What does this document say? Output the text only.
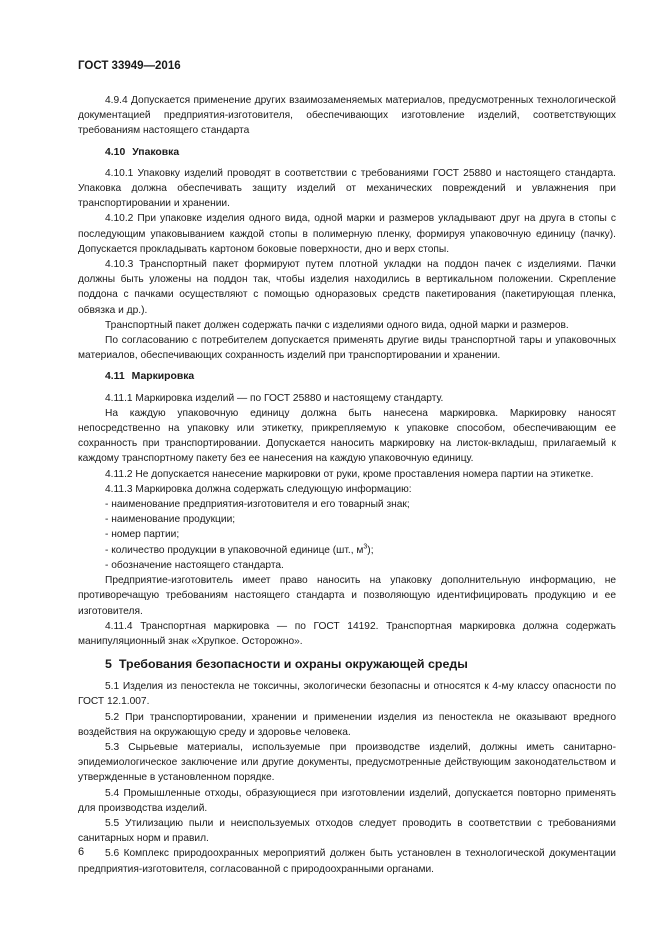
ГОСТ 33949—2016

4.9.4 Допускается применение других взаимозаменяемых материалов, предусмотренных технологической документацией предприятия-изготовителя, обеспечивающих изготовление изделий, соответствующих требованиям настоящего стандарта

4.10 Упаковка

4.10.1 Упаковку изделий проводят в соответствии с требованиями ГОСТ 25880 и настоящего стандарта. Упаковка должна обеспечивать защиту изделий от механических повреждений и увлажнения при транспортировании и хранении.

4.10.2 При упаковке изделия одного вида, одной марки и размеров укладывают друг на друга в стопы с последующим упаковыванием каждой стопы в полимерную пленку, формируя упаковочную единицу (пачку). Допускается прокладывать картоном боковые поверхности, дно и верх стопы.

4.10.3 Транспортный пакет формируют путем плотной укладки на поддон пачек с изделиями. Пачки должны быть уложены на поддон так, чтобы изделия находились в вертикальном положении. Скрепление поддона с пачками осуществляют с помощью одноразовых средств пакетирования (пакетирующая пленка, обвязка и др.).

Транспортный пакет должен содержать пачки с изделиями одного вида, одной марки и размеров.

По согласованию с потребителем допускается применять другие виды транспортной тары и упаковочных материалов, обеспечивающих сохранность изделий при транспортировании и хранении.

4.11 Маркировка

4.11.1 Маркировка изделий — по ГОСТ 25880 и настоящему стандарту.

На каждую упаковочную единицу должна быть нанесена маркировка. Маркировку наносят непосредственно на упаковку или этикетку, прикрепляемую к упаковке способом, обеспечивающим ее сохранность при транспортировании. Допускается наносить маркировку на листок-вкладыш, прилагаемый к каждому транспортному пакету без ее нанесения на каждую упаковочную единицу.

4.11.2 Не допускается нанесение маркировки от руки, кроме проставления номера партии на этикетке.

4.11.3 Маркировка должна содержать следующую информацию:

- наименование предприятия-изготовителя и его товарный знак;

- наименование продукции;

- номер партии;

- количество продукции в упаковочной единице (шт., $м^3$);

- обозначение настоящего стандарта.

Предприятие-изготовитель имеет право наносить на упаковку дополнительную информацию, не противоречащую требованиям настоящего стандарта и позволяющую идентифицировать продукцию и ее изготовителя.

4.11.4 Транспортная маркировка — по ГОСТ 14192. Транспортная маркировка должна содержать манипуляционный знак «Хрупкое. Осторожно».

5 Требования безопасности и охраны окружающей среды

5.1 Изделия из пеностекла не токсичны, экологически безопасны и относятся к 4-му классу опасности по ГОСТ 12.1.007.

5.2 При транспортировании, хранении и применении изделия из пеностекла не оказывают вредного воздействия на окружающую среду и здоровье человека.

5.3 Сырьевые материалы, используемые при производстве изделий, должны иметь санитарно-эпидемиологическое заключение или другие документы, предусмотренные действующим законодательством и утвержденные в установленном порядке.

5.4 Промышленные отходы, образующиеся при изготовлении изделий, допускается повторно применять для производства изделий.

5.5 Утилизацию пыли и неиспользуемых отходов следует проводить в соответствии с требованиями санитарных норм и правил.

5.6 Комплекс природоохранных мероприятий должен быть установлен в технологической документации предприятия-изготовителя, согласованной с природоохранными органами.

6
